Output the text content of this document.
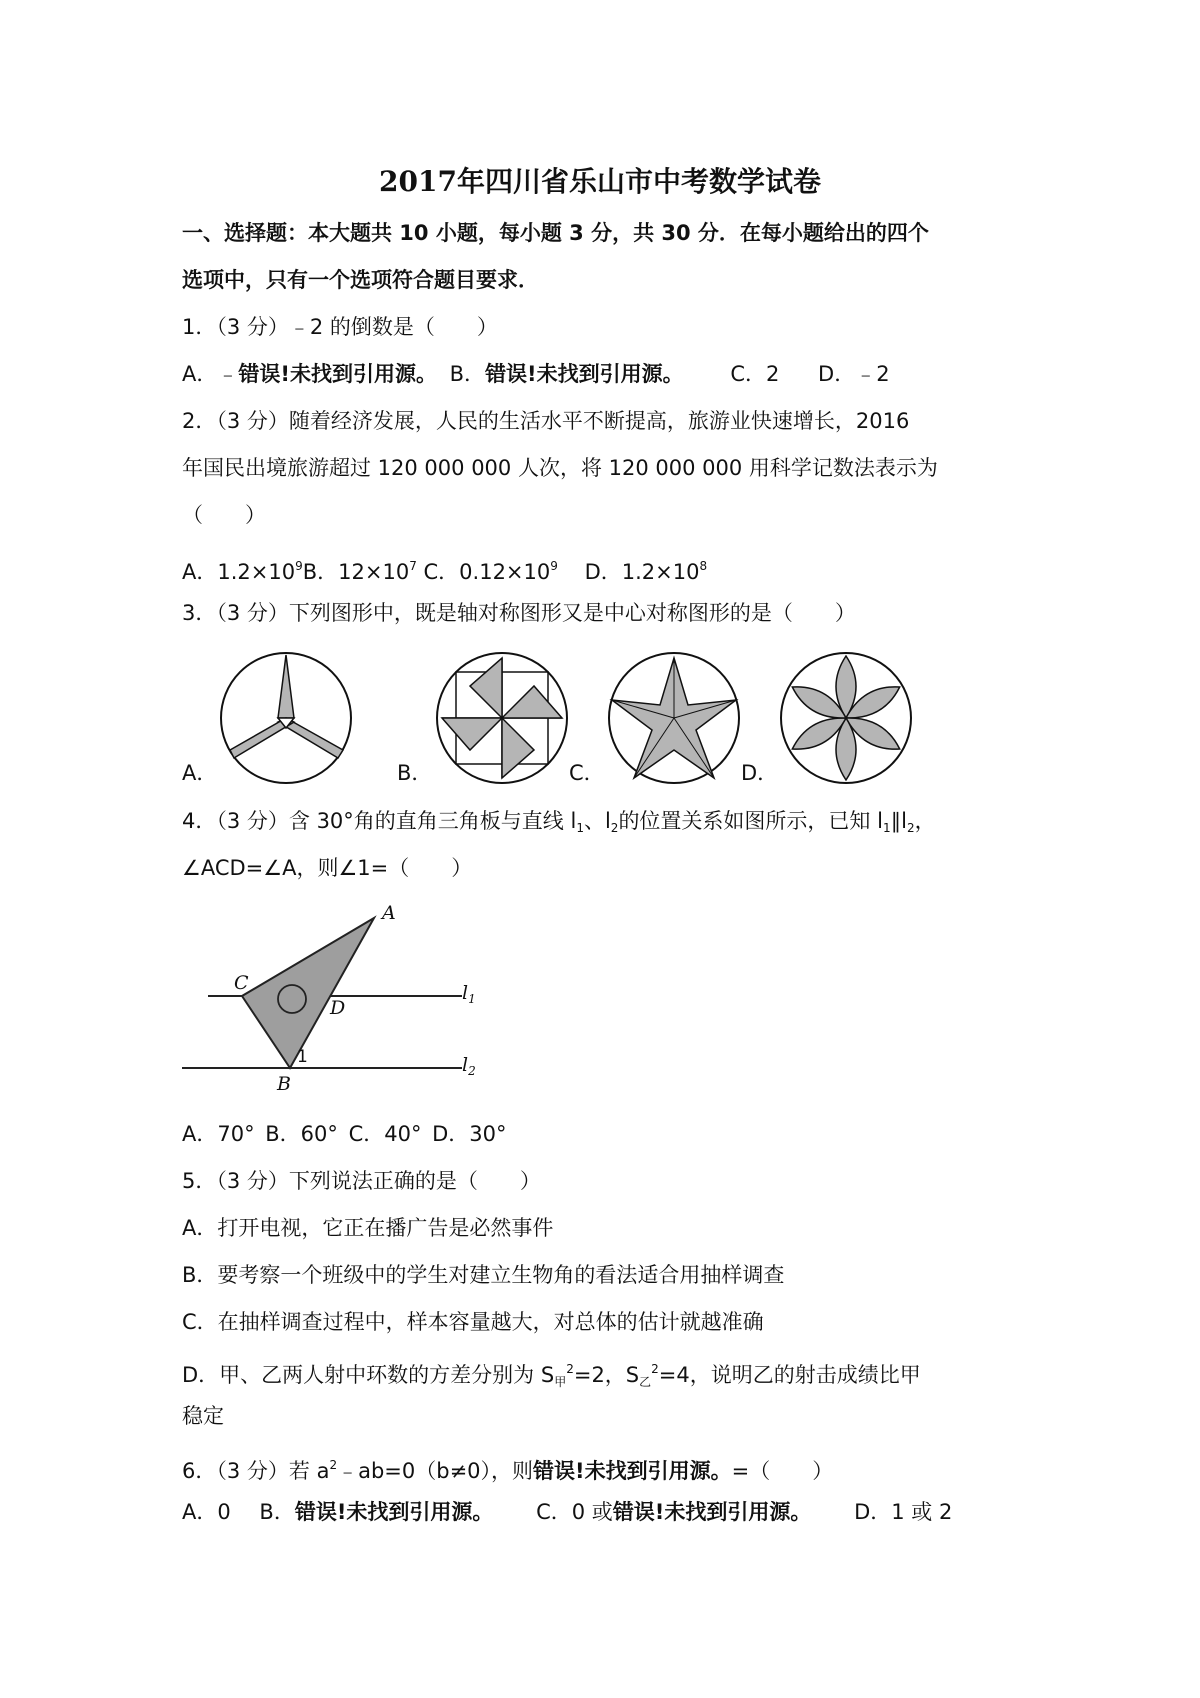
2017年四川省乐山市中考数学试卷
一、选择题：本大题共 10 小题，每小题 3 分，共 30 分．在每小题给出的四个
选项中，只有一个选项符合题目要求．
1．（3 分）﹣2 的倒数是（　　）
A．﹣错误!未找到引用源。 B．错误!未找到引用源。 C．2 D．﹣2
2．（3 分）随着经济发展，人民的生活水平不断提高，旅游业快速增长，2016
年国民出境旅游超过 120 000 000 人次，将 120 000 000 用科学记数法表示为
（　　）
A．$1.2\times 10^9B$．$12\times 10^7$ C．$0.12\times 10^9$ D．$1.2\times 10^8$
3．（3 分）下列图形中，既是轴对称图形又是中心对称图形的是（　　）
A．	B．	C．	D．
4．（3 分）含 30°角的直角三角板与直线 $l_1$、$l_2$的位置关系如图所示，已知 $l_1\parallel l_2$，
∠ACD=∠A，则∠1=（　　）
A
C
D
1
B
$l_1$
$l_2$
A．70° B．60° C．40° D．30°
5．（3 分）下列说法正确的是（　　）
A．打开电视，它正在播广告是必然事件
B．要考察一个班级中的学生对建立生物角的看法适合用抽样调查
C．在抽样调查过程中，样本容量越大，对总体的估计就越准确
D．甲、乙两人射中环数的方差分别为 $S_甲^2=2$，$S_乙^2=4$，说明乙的射击成绩比甲
稳定
6．（3 分）若 $a^2﹣ab=0(b\ne 0)$，则错误!未找到引用源。=（　　）
A．0 B．错误!未找到引用源。 C．0 或错误!未找到引用源。 D．1 或 2
